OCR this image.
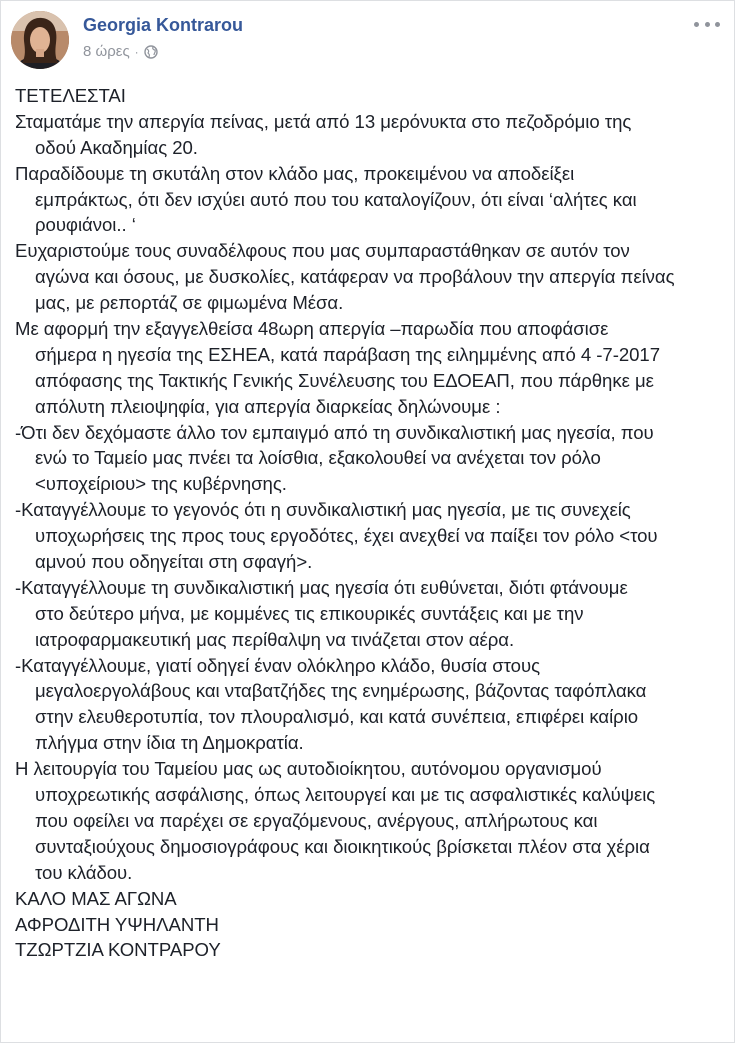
Georgia Kontrarou
8 ώρες ·
ΤΕΤΕΛΕΣΤΑΙ
Σταματάμε την απεργία πείνας, μετά από 13 μερόνυκτα στο πεζοδρόμιο της
οδού Ακαδημίας 20.
Παραδίδουμε τη σκυτάλη στον κλάδο μας, προκειμένου να αποδείξει
εμπράκτως, ότι δεν ισχύει αυτό που του καταλογίζουν, ότι είναι ‘αλήτες και
ρουφιάνοι.. ‘
Ευχαριστούμε τους συναδέλφους που μας συμπαραστάθηκαν σε αυτόν τον
αγώνα και όσους, με δυσκολίες, κατάφεραν να προβάλουν την απεργία πείνας
μας, με ρεπορτάζ σε φιμωμένα Μέσα.
Με αφορμή την εξαγγελθείσα 48ωρη απεργία –παρωδία που αποφάσισε
σήμερα η ηγεσία της ΕΣΗΕΑ, κατά παράβαση της ειλημμένης από 4 -7-2017
απόφασης της Τακτικής Γενικής Συνέλευσης του ΕΔΟΕΑΠ, που πάρθηκε με
απόλυτη πλειοψηφία, για απεργία διαρκείας δηλώνουμε :
-Ότι δεν δεχόμαστε άλλο τον εμπαιγμό από τη συνδικαλιστική μας ηγεσία, που
ενώ το Ταμείο μας πνέει τα λοίσθια, εξακολουθεί να ανέχεται τον ρόλο
<υποχείριου> της κυβέρνησης.
-Καταγγέλλουμε το γεγονός ότι η συνδικαλιστική μας ηγεσία, με τις συνεχείς
υποχωρήσεις της προς τους εργοδότες, έχει ανεχθεί να παίξει τον ρόλο <του
αμνού που οδηγείται στη σφαγή>.
-Καταγγέλλουμε τη συνδικαλιστική μας ηγεσία ότι ευθύνεται, διότι φτάνουμε
στο δεύτερο μήνα, με κομμένες τις επικουρικές συντάξεις και με την
ιατροφαρμακευτική μας περίθαλψη να τινάζεται στον αέρα.
-Καταγγέλλουμε, γιατί οδηγεί έναν ολόκληρο κλάδο, θυσία στους
μεγαλοεργολάβους και νταβατζήδες της ενημέρωσης, βάζοντας ταφόπλακα
στην ελευθεροτυπία, τον πλουραλισμό, και κατά συνέπεια, επιφέρει καίριο
πλήγμα στην ίδια τη Δημοκρατία.
Η λειτουργία του Ταμείου μας ως αυτοδιοίκητου, αυτόνομου οργανισμού
υποχρεωτικής ασφάλισης, όπως λειτουργεί και με τις ασφαλιστικές καλύψεις
που οφείλει να παρέχει σε εργαζόμενους, ανέργους, απλήρωτους και
συνταξιούχους δημοσιογράφους και διοικητικούς βρίσκεται πλέον στα χέρια
του κλάδου.
ΚΑΛΟ ΜΑΣ ΑΓΩΝΑ
ΑΦΡΟΔΙΤΗ ΥΨΗΛΑΝΤΗ
ΤΖΩΡΤΖΙΑ ΚΟΝΤΡΑΡΟΥ
